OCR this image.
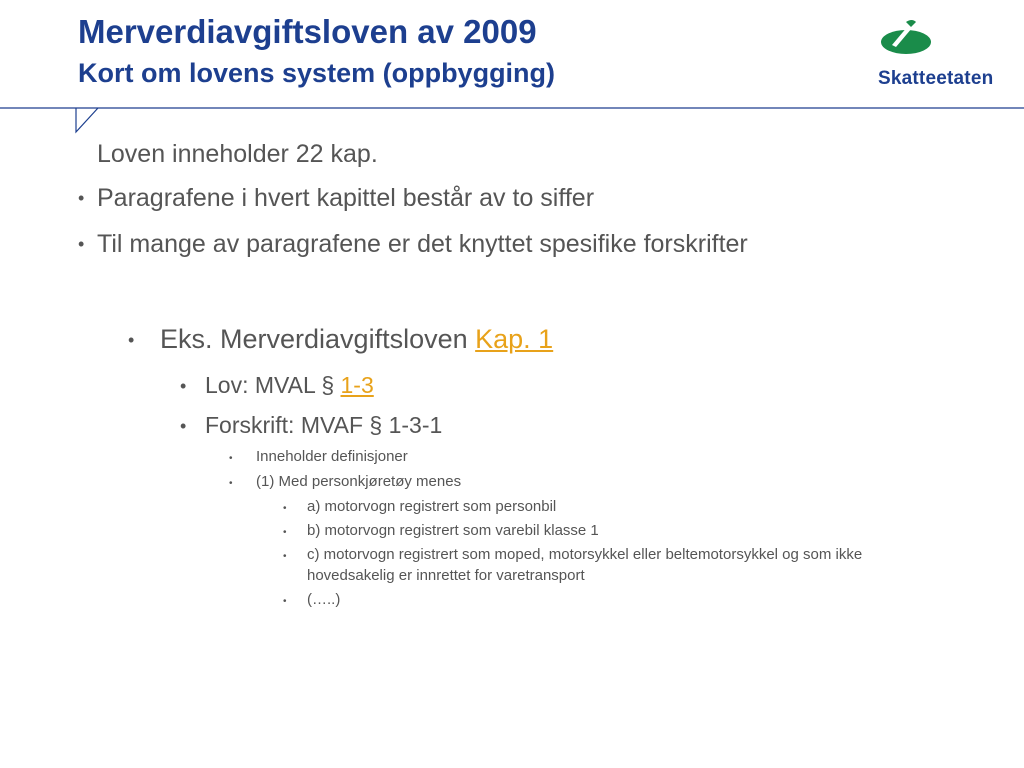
Merverdiavgiftsloven av 2009
Kort om lovens system (oppbygging)	Skatteetaten
Loven inneholder 22 kap.
• Paragrafene i hvert kapittel består av to siffer
• Til mange av paragrafene er det knyttet spesifike forskrifter
• Eks. Merverdiavgiftsloven Kap. 1
• Lov: MVAL § 1-3
• Forskrift: MVAF § 1-3-1
• Inneholder definisjoner
• (1) Med personkjøretøy menes
• a) motorvogn registrert som personbil
• b) motorvogn registrert som varebil klasse 1
• c) motorvogn registrert som moped, motorsykkel eller beltemotorsykkel og som ikke
hovedsakelig er innrettet for varetransport
• (…..)
